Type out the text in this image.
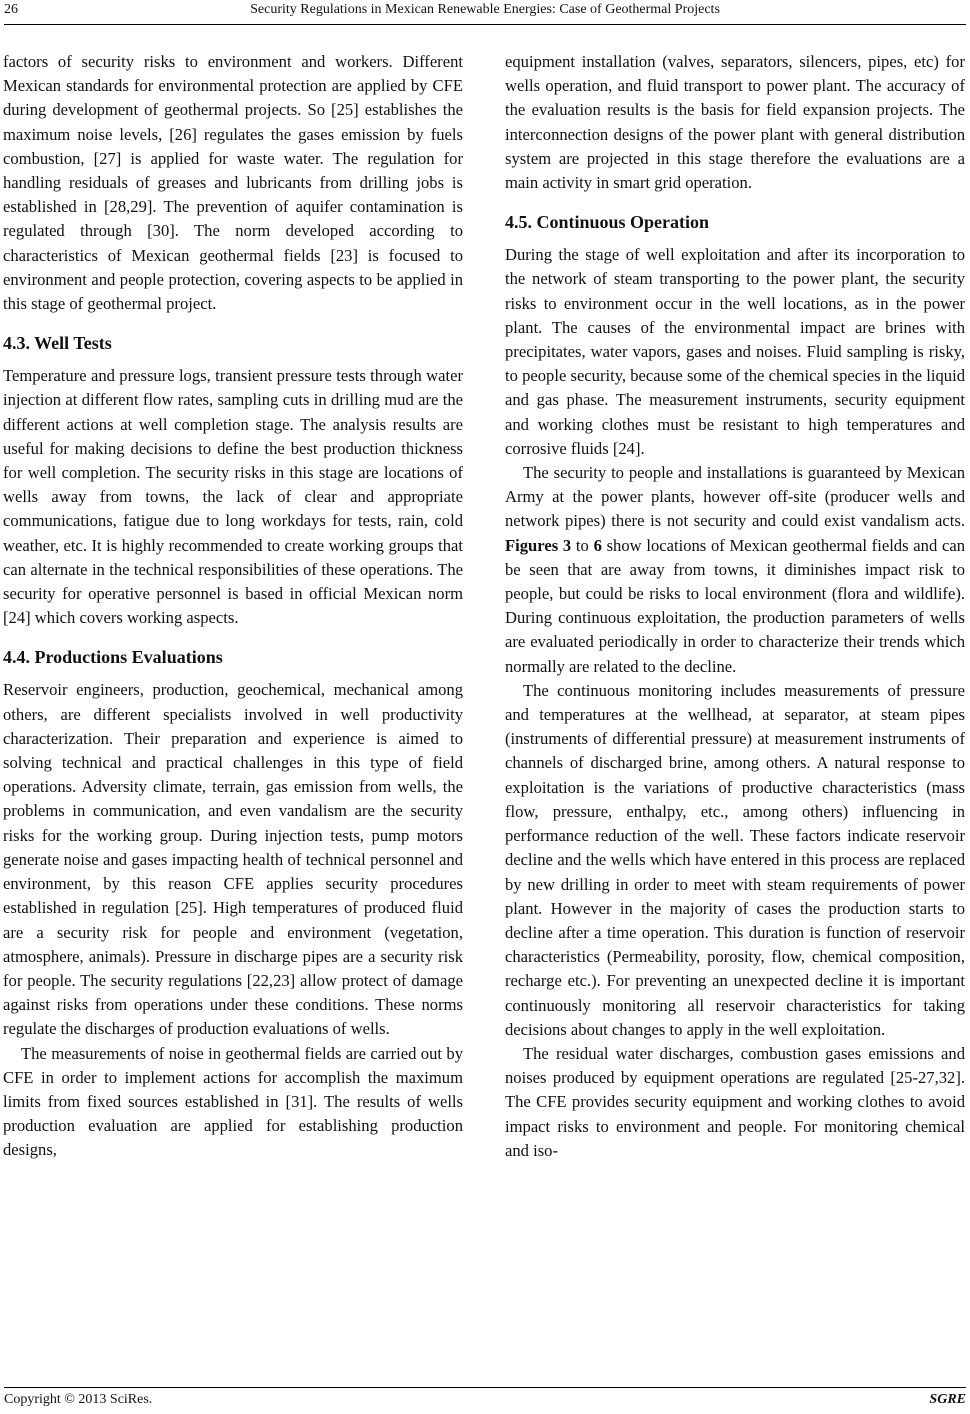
26	Security Regulations in Mexican Renewable Energies: Case of Geothermal Projects

factors of security risks to environment and workers. Different Mexican standards for environmental protection are applied by CFE during development of geothermal projects. So [25] establishes the maximum noise levels, [26] regulates the gases emission by fuels combustion, [27] is applied for waste water. The regulation for handling residuals of greases and lubricants from drilling jobs is established in [28,29]. The prevention of aquifer contamination is regulated through [30]. The norm developed according to characteristics of Mexican geothermal fields [23] is focused to environment and people protection, covering aspects to be applied in this stage of geothermal project.

4.3. Well Tests

Temperature and pressure logs, transient pressure tests through water injection at different flow rates, sampling cuts in drilling mud are the different actions at well completion stage. The analysis results are useful for making decisions to define the best production thickness for well completion. The security risks in this stage are locations of wells away from towns, the lack of clear and appropriate communications, fatigue due to long workdays for tests, rain, cold weather, etc. It is highly recommended to create working groups that can alternate in the technical responsibilities of these operations. The security for operative personnel is based in official Mexican norm [24] which covers working aspects.

4.4. Productions Evaluations

Reservoir engineers, production, geochemical, mechanical among others, are different specialists involved in well productivity characterization. Their preparation and experience is aimed to solving technical and practical challenges in this type of field operations. Adversity climate, terrain, gas emission from wells, the problems in communication, and even vandalism are the security risks for the working group. During injection tests, pump motors generate noise and gases impacting health of technical personnel and environment, by this reason CFE applies security procedures established in regulation [25]. High temperatures of produced fluid are a security risk for people and environment (vegetation, atmosphere, animals). Pressure in discharge pipes are a security risk for people. The security regulations [22,23] allow protect of damage against risks from operations under these conditions. These norms regulate the discharges of production evaluations of wells.

The measurements of noise in geothermal fields are carried out by CFE in order to implement actions for accomplish the maximum limits from fixed sources established in [31]. The results of wells production evaluation are applied for establishing production designs,

equipment installation (valves, separators, silencers, pipes, etc) for wells operation, and fluid transport to power plant. The accuracy of the evaluation results is the basis for field expansion projects. The interconnection designs of the power plant with general distribution system are projected in this stage therefore the evaluations are a main activity in smart grid operation.

4.5. Continuous Operation

During the stage of well exploitation and after its incorporation to the network of steam transporting to the power plant, the security risks to environment occur in the well locations, as in the power plant. The causes of the environmental impact are brines with precipitates, water vapors, gases and noises. Fluid sampling is risky, to people security, because some of the chemical species in the liquid and gas phase. The measurement instruments, security equipment and working clothes must be resistant to high temperatures and corrosive fluids [24].

The security to people and installations is guaranteed by Mexican Army at the power plants, however off-site (producer wells and network pipes) there is not security and could exist vandalism acts. Figures 3 to 6 show locations of Mexican geothermal fields and can be seen that are away from towns, it diminishes impact risk to people, but could be risks to local environment (flora and wildlife). During continuous exploitation, the production parameters of wells are evaluated periodically in order to characterize their trends which normally are related to the decline.

The continuous monitoring includes measurements of pressure and temperatures at the wellhead, at separator, at steam pipes (instruments of differential pressure) at measurement instruments of channels of discharged brine, among others. A natural response to exploitation is the variations of productive characteristics (mass flow, pressure, enthalpy, etc., among others) influencing in performance reduction of the well. These factors indicate reservoir decline and the wells which have entered in this process are replaced by new drilling in order to meet with steam requirements of power plant. However in the majority of cases the production starts to decline after a time operation. This duration is function of reservoir characteristics (Permeability, porosity, flow, chemical composition, recharge etc.). For preventing an unexpected decline it is important continuously monitoring all reservoir characteristics for taking decisions about changes to apply in the well exploitation.

The residual water discharges, combustion gases emissions and noises produced by equipment operations are regulated [25-27,32]. The CFE provides security equipment and working clothes to avoid impact risks to environment and people. For monitoring chemical and iso-

Copyright © 2013 SciRes.	SGRE
